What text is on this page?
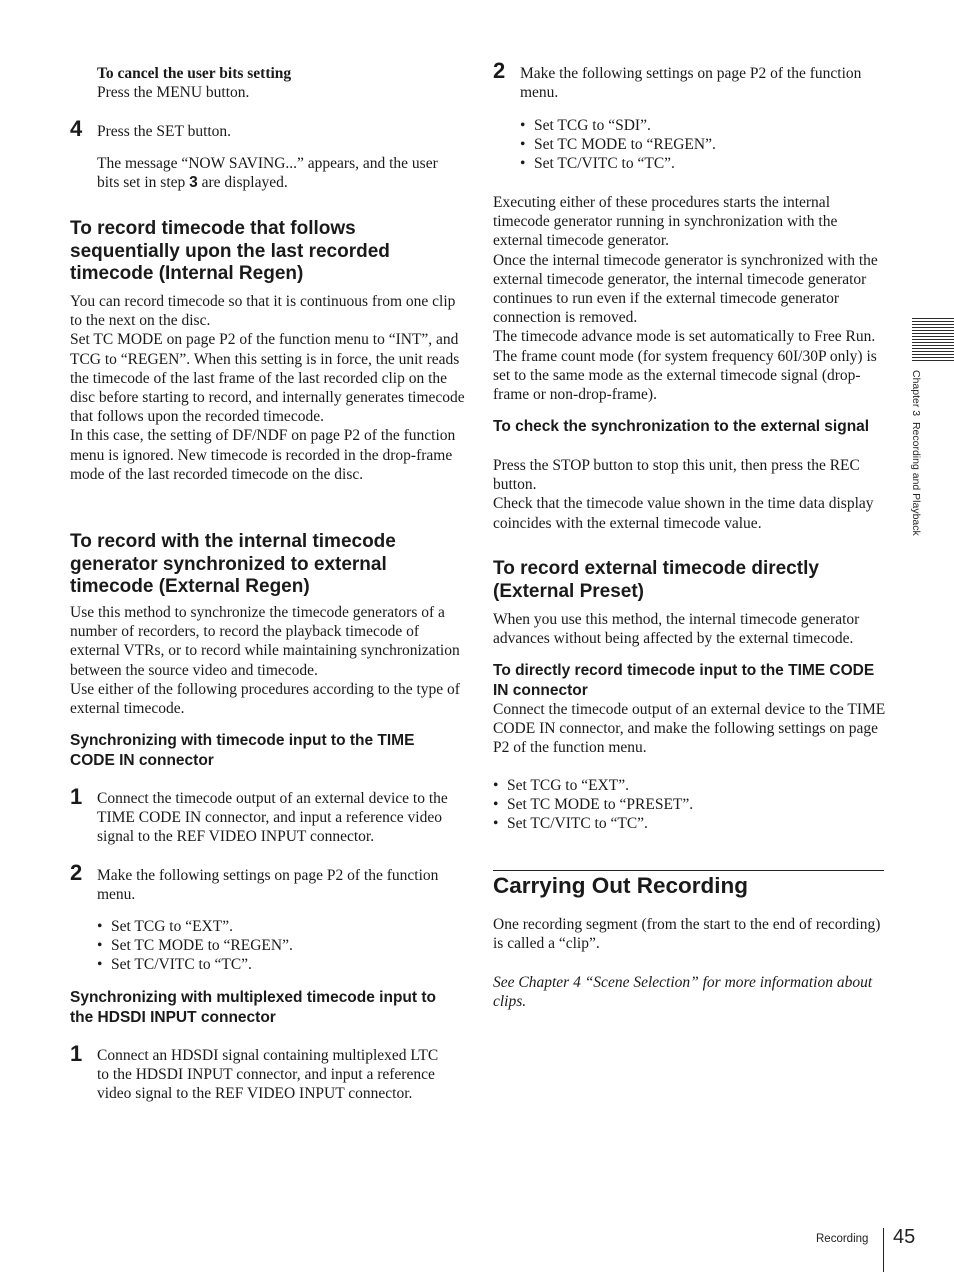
To cancel the user bits setting
Press the MENU button.
4 Press the SET button.
The message “NOW SAVING...” appears, and the user bits set in step 3 are displayed.
To record timecode that follows sequentially upon the last recorded timecode (Internal Regen)

You can record timecode so that it is continuous from one clip to the next on the disc.

Set TC MODE on page P2 of the function menu to “INT”, and TCG to “REGEN”. When this setting is in force, the unit reads the timecode of the last frame of the last recorded clip on the disc before starting to record, and internally generates timecode that follows upon the recorded timecode.

In this case, the setting of DF/NDF on page P2 of the function menu is ignored. New timecode is recorded in the drop-frame mode of the last recorded timecode on the disc.

To record with the internal timecode generator synchronized to external timecode (External Regen)

Use this method to synchronize the timecode generators of a number of recorders, to record the playback timecode of external VTRs, or to record while maintaining synchronization between the source video and timecode.

Use either of the following procedures according to the type of external timecode.

Synchronizing with timecode input to the TIME CODE IN connector
1 Connect the timecode output of an external device to the TIME CODE IN connector, and input a reference video signal to the REF VIDEO INPUT connector.
2 Make the following settings on page P2 of the function menu.
• Set TCG to “EXT”.
• Set TC MODE to “REGEN”.
• Set TC/VITC to “TC”.
Synchronizing with multiplexed timecode input to the HDSDI INPUT connector
1 Connect an HDSDI signal containing multiplexed LTC to the HDSDI INPUT connector, and input a reference video signal to the REF VIDEO INPUT connector.
2 Make the following settings on page P2 of the function menu.
• Set TCG to “SDI”.
• Set TC MODE to “REGEN”.
• Set TC/VITC to “TC”.

Executing either of these procedures starts the internal timecode generator running in synchronization with the external timecode generator.

Once the internal timecode generator is synchronized with the external timecode generator, the internal timecode generator continues to run even if the external timecode generator connection is removed.

The timecode advance mode is set automatically to Free Run. The frame count mode (for system frequency 60I/30P only) is set to the same mode as the external timecode signal (drop-frame or non-drop-frame).

To check the synchronization to the external signal

Press the STOP button to stop this unit, then press the REC button.

Check that the timecode value shown in the time data display coincides with the external timecode value.

To record external timecode directly (External Preset)

When you use this method, the internal timecode generator advances without being affected by the external timecode.

To directly record timecode input to the TIME CODE IN connector

Connect the timecode output of an external device to the TIME CODE IN connector, and make the following settings on page P2 of the function menu.

• Set TCG to “EXT”.
• Set TC MODE to “PRESET”.
• Set TC/VITC to “TC”.
Carrying Out Recording

One recording segment (from the start to the end of recording) is called a “clip”.

See Chapter 4 “Scene Selection” for more information about clips.
Chapter 3  Recording and Playback
Recording 45
